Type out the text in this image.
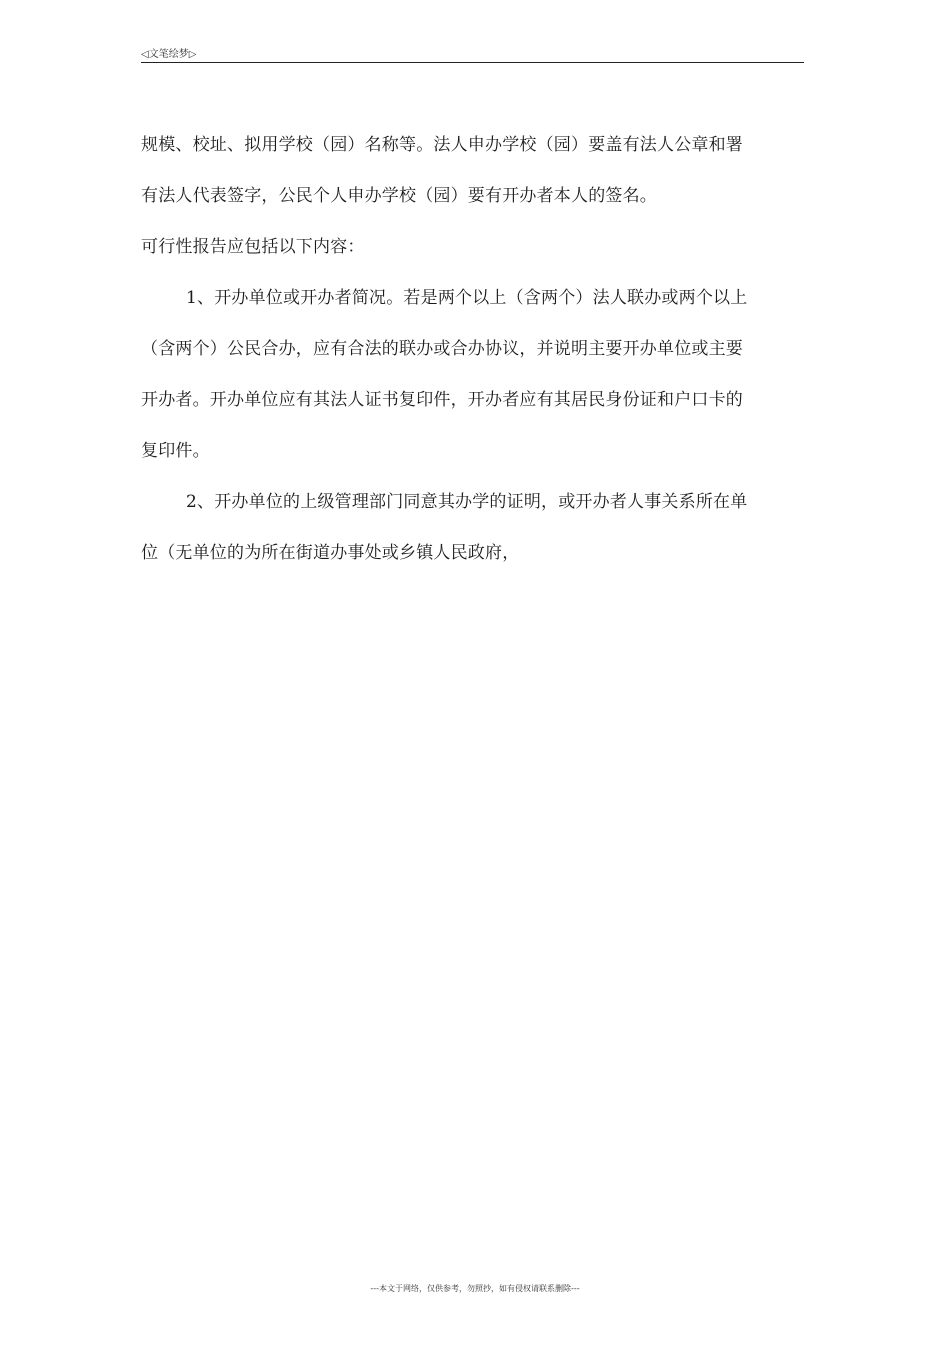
◁文笔绘梦▷
规模、校址、拟用学校（园）名称等。法人申办学校（园）要盖有法人公章和署
有法人代表签字，公民个人申办学校（园）要有开办者本人的签名。
可行性报告应包括以下内容：
1、开办单位或开办者简况。若是两个以上（含两个）法人联办或两个以上
（含两个）公民合办，应有合法的联办或合办协议，并说明主要开办单位或主要
开办者。开办单位应有其法人证书复印件，开办者应有其居民身份证和户口卡的
复印件。
2、开办单位的上级管理部门同意其办学的证明，或开办者人事关系所在单
位（无单位的为所在街道办事处或乡镇人民政府，
---本文于网络，仅供参考，勿照抄，如有侵权请联系删除---
